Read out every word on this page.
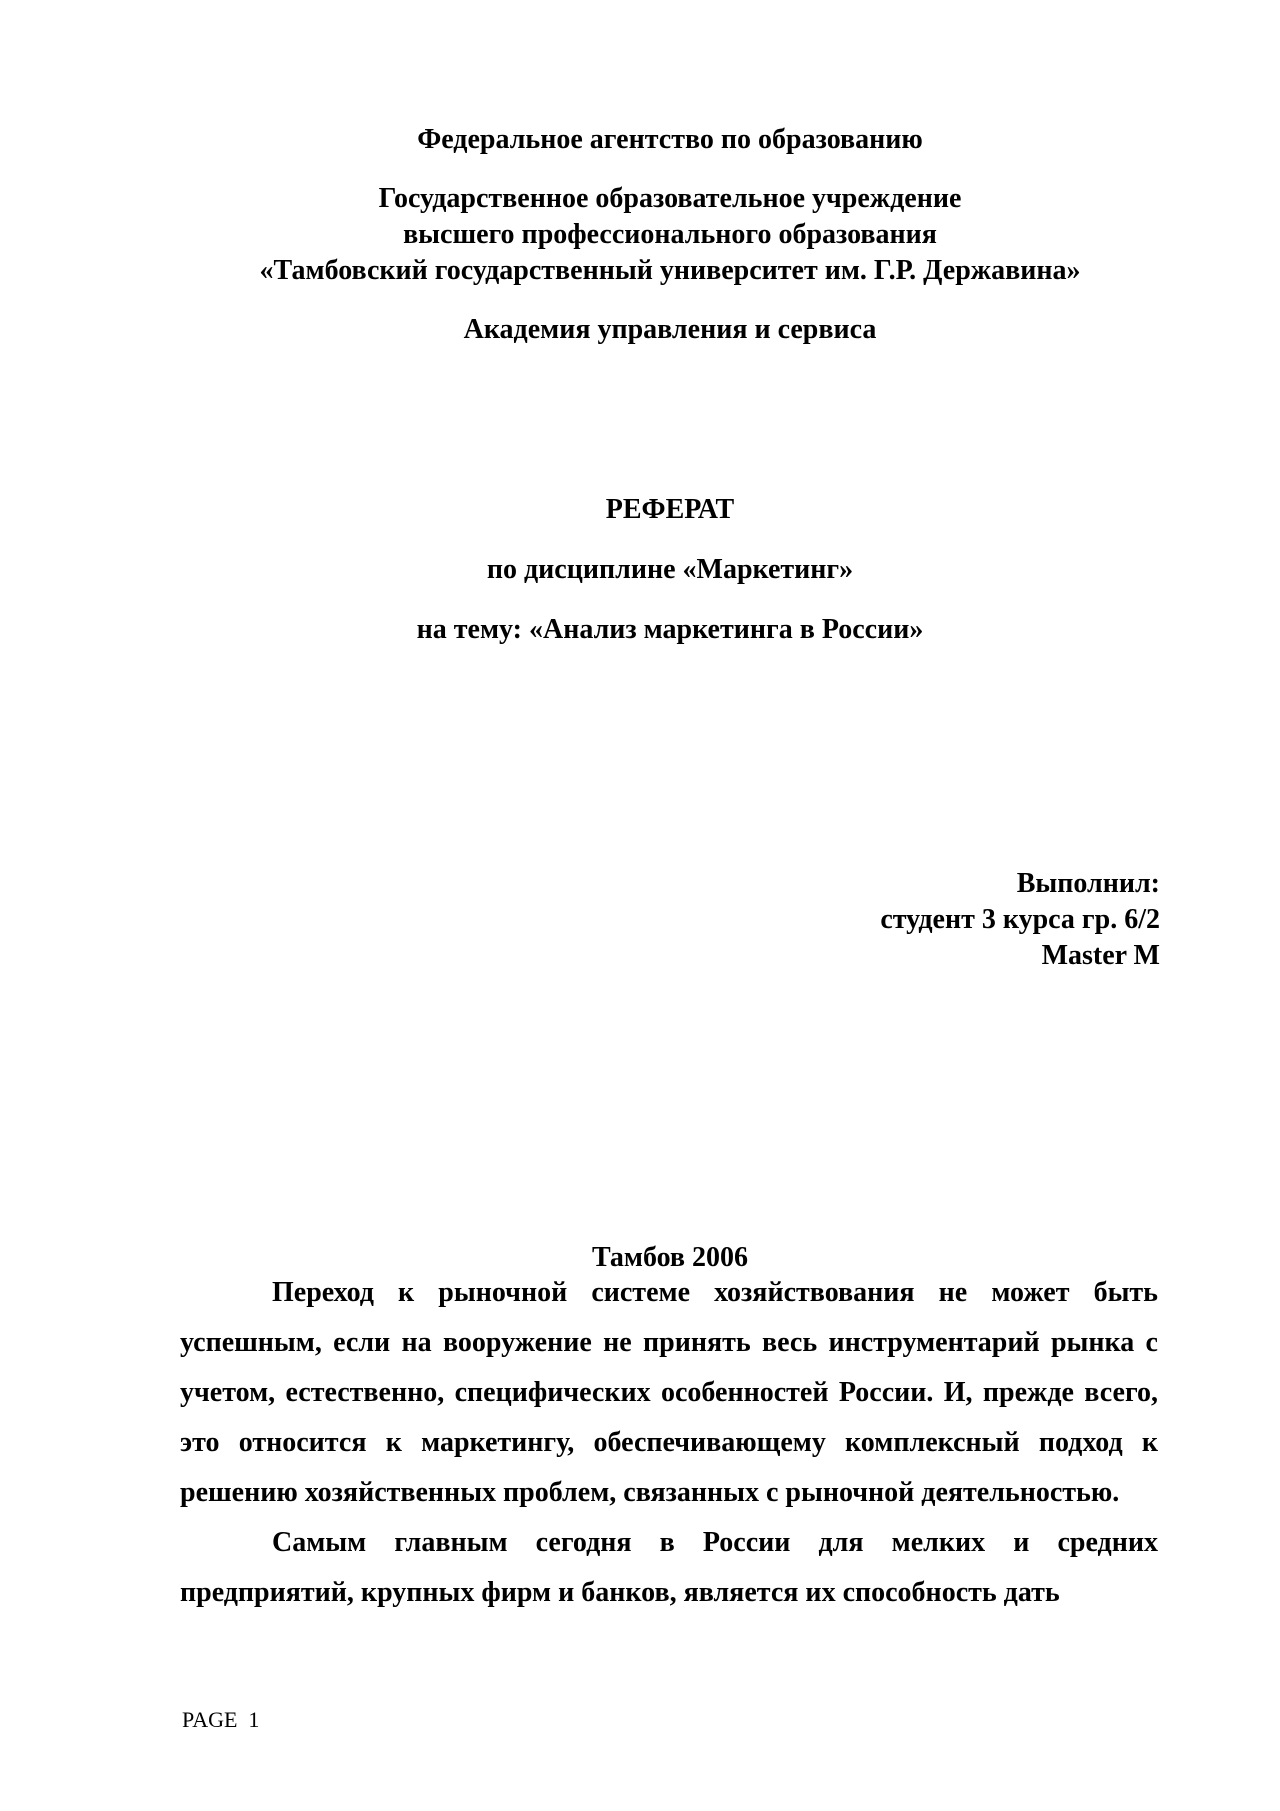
Федеральное агентство по образованию
Государственное образовательное учреждение
высшего профессионального образования
«Тамбовский государственный университет им. Г.Р. Державина»
Академия управления и сервиса
РЕФЕРАТ
по дисциплине «Маркетинг»
на тему: «Анализ маркетинга в России»
Выполнил:
студент 3 курса гр. 6/2
Master M
Тамбов 2006

Переход к рыночной системе хозяйствования не может быть успешным, если на вооружение не принять весь инструментарий рынка с учетом, естественно, специфических особенностей России. И, прежде всего, это относится к маркетингу, обеспечивающему комплексный подход к решению хозяйственных проблем, связанных с рыночной деятельностью.

Самым главным сегодня в России для мелких и средних предприятий, крупных фирм и банков, является их способность дать

PAGE  1
